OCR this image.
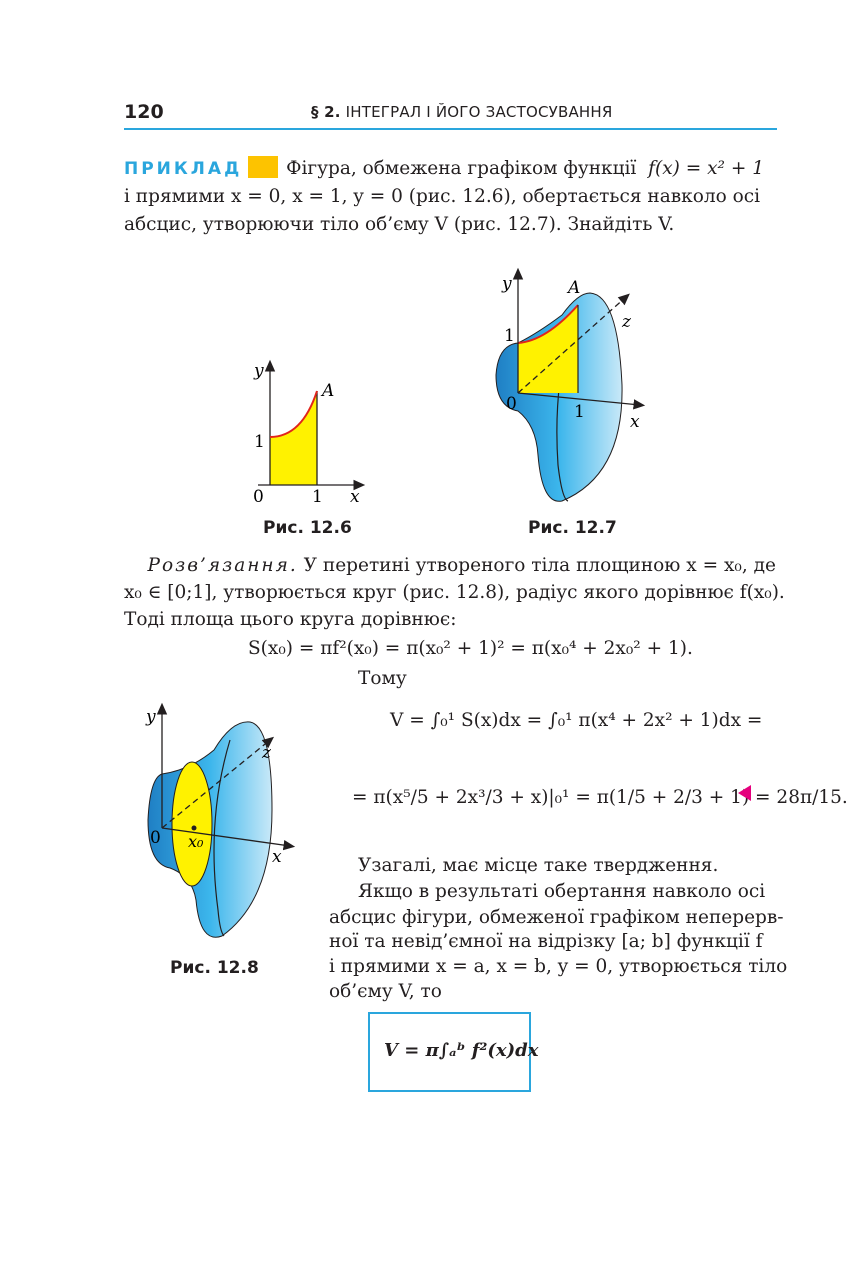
120	§ 2. ІНТЕГРАЛ І ЙОГО ЗАСТОСУВАННЯ
ПРИКЛАД Фігура, обмежена графіком функції f(x) = x² + 1
і прямими x = 0, x = 1, y = 0 (рис. 12.6), обертається навколо осі
абсцис, утворюючи тіло об’єму V (рис. 12.7). Знайдіть V.
y
A
1
0	1 x
Рис. 12.6
y	A
z
1
0	1	x
Рис. 12.7
Розв’язання. У перетині утвореного тіла площиною x = x₀, де
x₀ ∈ [0;1], утворюється круг (рис. 12.8), радіус якого дорівнює f(x₀).
Тоді площа цього круга дорівнює:
S(x₀) = πf²(x₀) = π(x₀² + 1)² = π(x₀⁴ + 2x₀² + 1).
Тому
V = ∫₀¹ S(x)dx = ∫₀¹ π(x⁴ + 2x² + 1)dx =
= π(x⁵/5 + 2x³/3 + x)|₀¹ = π(1/5 + 2/3 + 1) = 28π/15.
y
z
0 x₀
x
Рис. 12.8
Узагалі, має місце таке твердження.
Якщо в результаті обертання навколо осі
абсцис фігури, обмеженої графіком неперерв-
ної та невід’ємної на відрізку [a; b] функції f
і прямими x = a, x = b, y = 0, утворюється тіло
об’єму V, то
V = π∫ₐᵇ f²(x)dx
